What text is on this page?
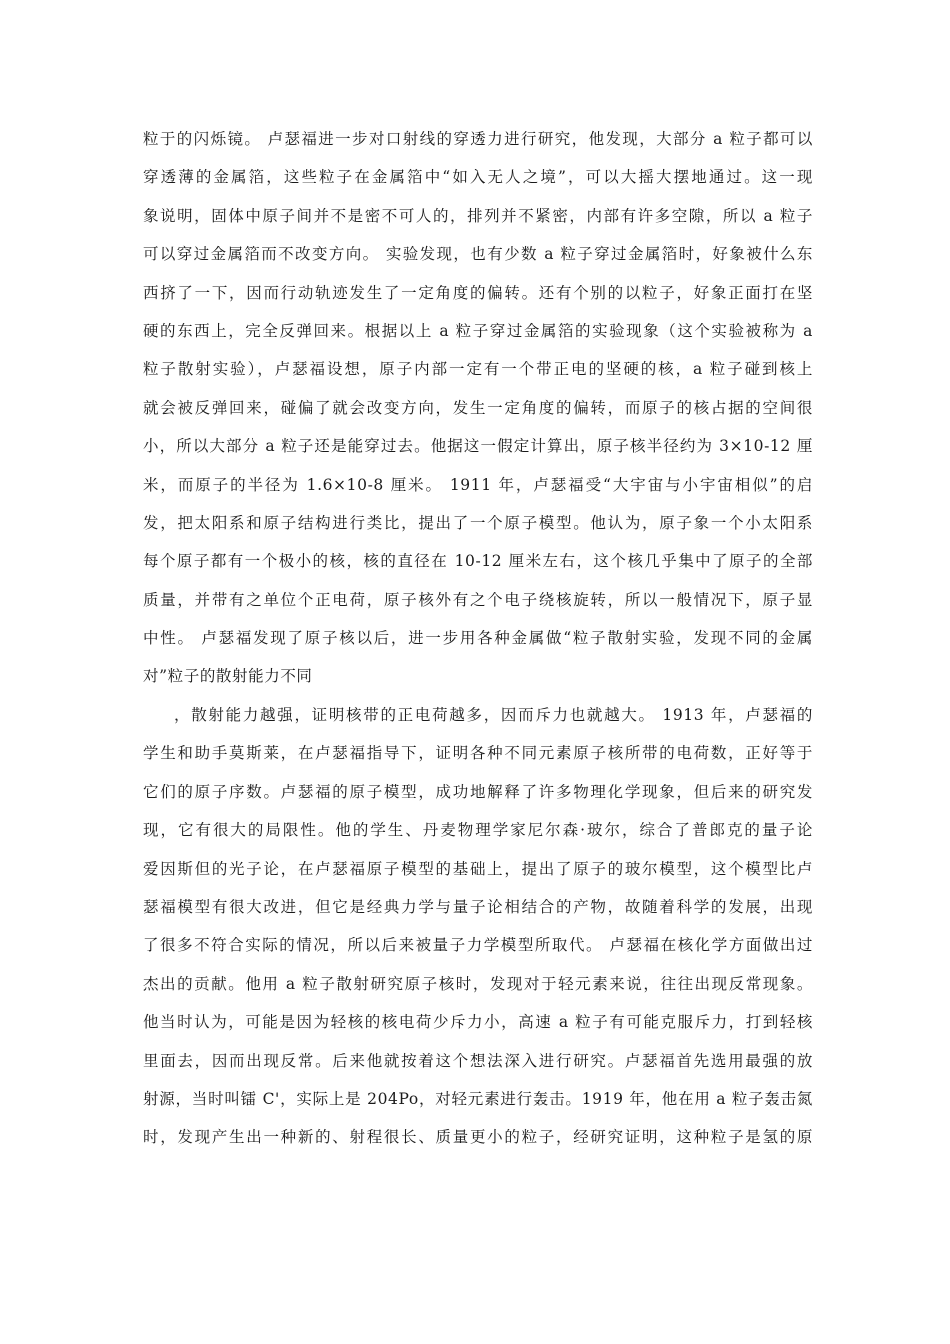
粒于的闪烁镜。 卢瑟福进一步对口射线的穿透力进行研究，他发现，大部分 a 粒子都可以
穿透薄的金属箔，这些粒子在金属箔中“如入无人之境”，可以大摇大摆地通过。这一现
象说明，固体中原子间并不是密不可人的，排列并不紧密，内部有许多空隙，所以 a 粒子
可以穿过金属箔而不改变方向。 实验发现，也有少数 a 粒子穿过金属箔时，好象被什么东
西挤了一下，因而行动轨迹发生了一定角度的偏转。还有个别的以粒子，好象正面打在坚
硬的东西上，完全反弹回来。根据以上 a 粒子穿过金属箔的实验现象（这个实验被称为 a
粒子散射实验），卢瑟福设想，原子内部一定有一个带正电的坚硬的核，a 粒子碰到核上
就会被反弹回来，碰偏了就会改变方向，发生一定角度的偏转，而原子的核占据的空间很
小，所以大部分 a 粒子还是能穿过去。他据这一假定计算出，原子核半径约为 3×10-12 厘
米，而原子的半径为 1.6×10-8 厘米。 1911 年，卢瑟福受“大宇宙与小宇宙相似”的启
发，把太阳系和原子结构进行类比，提出了一个原子模型。他认为，原子象一个小太阳系
每个原子都有一个极小的核，核的直径在 10-12 厘米左右，这个核几乎集中了原子的全部
质量，并带有之单位个正电荷，原子核外有之个电子绕核旋转，所以一般情况下，原子显
中性。 卢瑟福发现了原子核以后，进一步用各种金属做“粒子散射实验，发现不同的金属
对”粒子的散射能力不同
，散射能力越强，证明核带的正电荷越多，因而斥力也就越大。 1913 年，卢瑟福的
学生和助手莫斯莱，在卢瑟福指导下，证明各种不同元素原子核所带的电荷数，正好等于
它们的原子序数。卢瑟福的原子模型，成功地解释了许多物理化学现象，但后来的研究发
现，它有很大的局限性。他的学生、丹麦物理学家尼尔森·玻尔，综合了普郎克的量子论
爱因斯但的光子论，在卢瑟福原子模型的基础上，提出了原子的玻尔模型，这个模型比卢
瑟福模型有很大改进，但它是经典力学与量子论相结合的产物，故随着科学的发展，出现
了很多不符合实际的情况，所以后来被量子力学模型所取代。 卢瑟福在核化学方面做出过
杰出的贡献。他用 a 粒子散射研究原子核时，发现对于轻元素来说，往往出现反常现象。
他当时认为，可能是因为轻核的核电荷少斥力小，高速 a 粒子有可能克服斥力，打到轻核
里面去，因而出现反常。后来他就按着这个想法深入进行研究。卢瑟福首先选用最强的放
射源，当时叫镭 C'，实际上是 204Po，对轻元素进行轰击。1919 年，他在用 a 粒子轰击氮
时，发现产生出一种新的、射程很长、质量更小的粒子，经研究证明，这种粒子是氢的原
